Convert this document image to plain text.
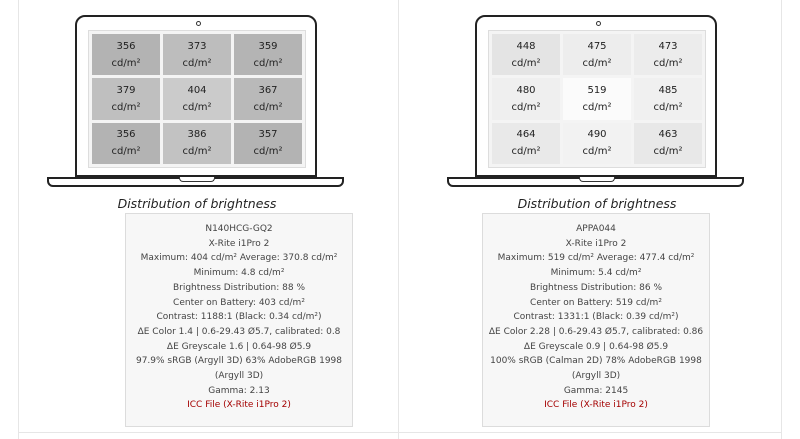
356
cd/m²
373
cd/m²
359
cd/m²
379
cd/m²
404
cd/m²
367
cd/m²
356
cd/m²
386
cd/m²
357
cd/m²
Distribution of brightness
N140HCG-GQ2
X-Rite i1Pro 2
Maximum: 404 cd/m² Average: 370.8 cd/m²
Minimum: 4.8 cd/m²
Brightness Distribution: 88 %
Center on Battery: 403 cd/m²
Contrast: 1188:1 (Black: 0.34 cd/m²)
ΔE Color 1.4 | 0.6-29.43 Ø5.7, calibrated: 0.8
ΔE Greyscale 1.6 | 0.64-98 Ø5.9
97.9% sRGB (Argyll 3D) 63% AdobeRGB 1998 (Argyll 3D)
Gamma: 2.13
ICC File (X-Rite i1Pro 2)
448
cd/m²
475
cd/m²
473
cd/m²
480
cd/m²
519
cd/m²
485
cd/m²
464
cd/m²
490
cd/m²
463
cd/m²
Distribution of brightness
APPA044
X-Rite i1Pro 2
Maximum: 519 cd/m² Average: 477.4 cd/m²
Minimum: 5.4 cd/m²
Brightness Distribution: 86 %
Center on Battery: 519 cd/m²
Contrast: 1331:1 (Black: 0.39 cd/m²)
ΔE Color 2.28 | 0.6-29.43 Ø5.7, calibrated: 0.86
ΔE Greyscale 0.9 | 0.64-98 Ø5.9
100% sRGB (Calman 2D) 78% AdobeRGB 1998 (Argyll 3D)
Gamma: 2145
ICC File (X-Rite i1Pro 2)
